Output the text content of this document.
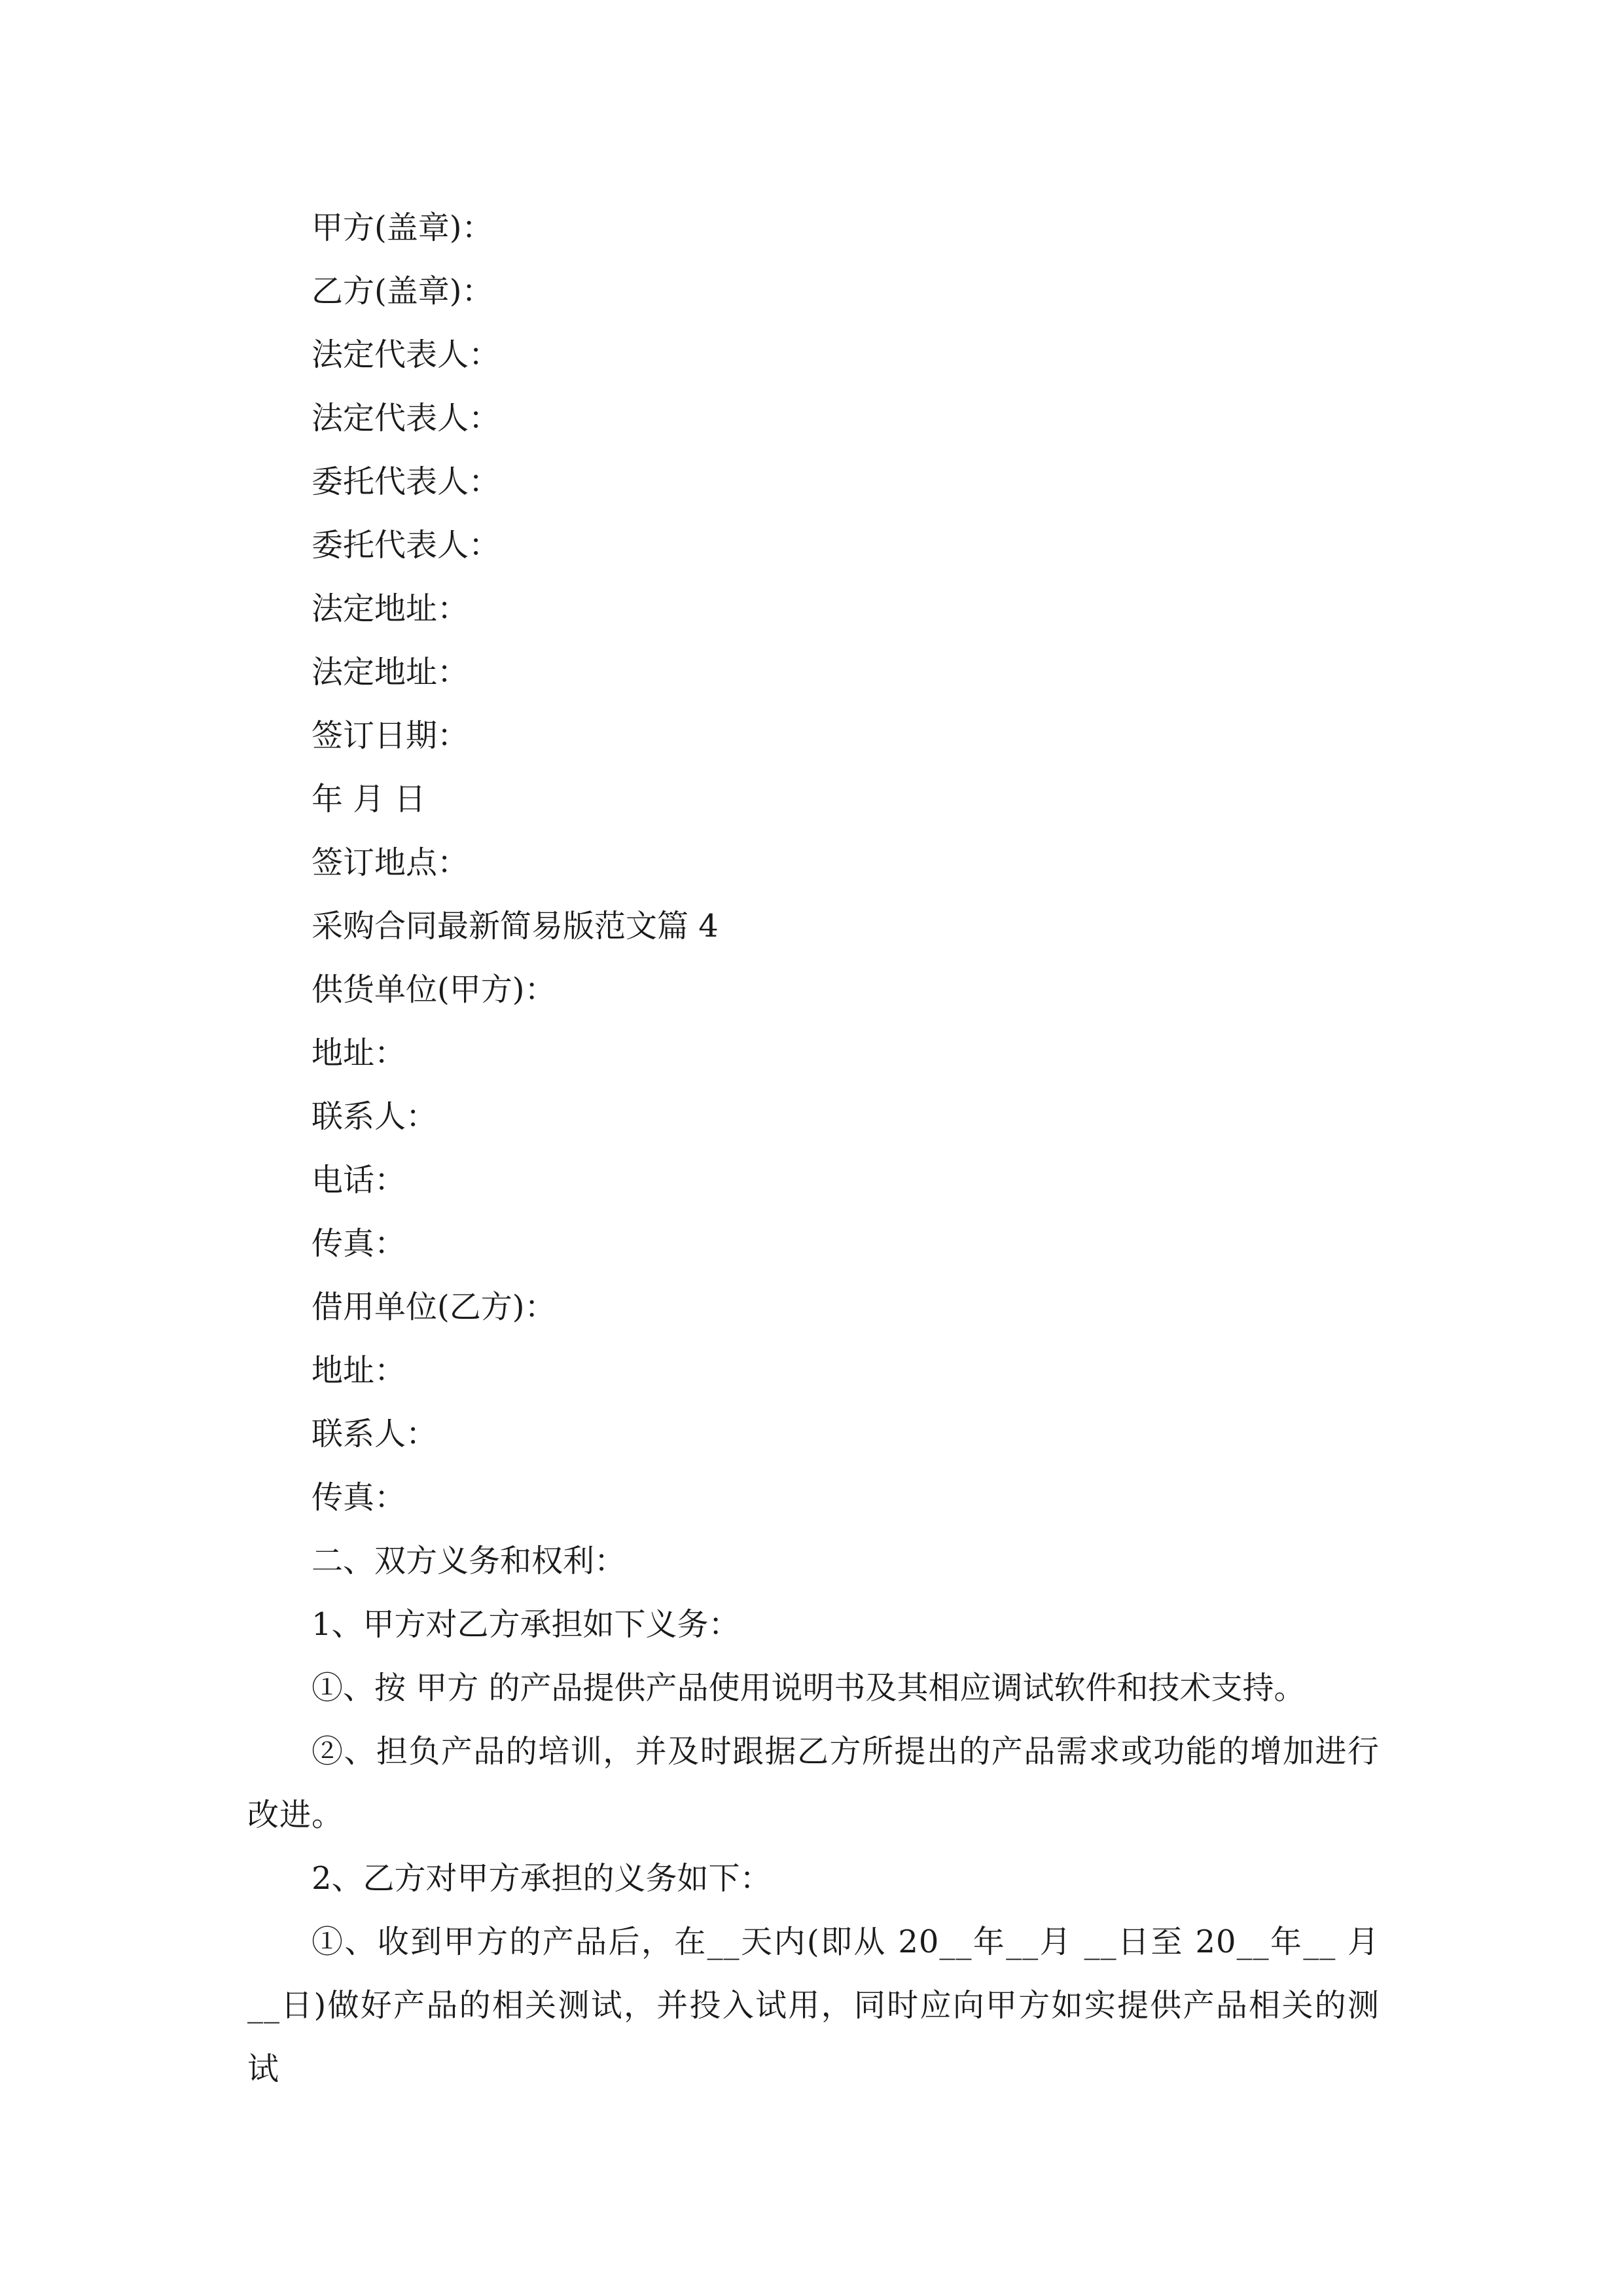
甲方(盖章)：
乙方(盖章)：
法定代表人：
法定代表人：
委托代表人：
委托代表人：
法定地址：
法定地址：
签订日期：
年 月 日
签订地点：
采购合同最新简易版范文篇 4
供货单位(甲方)：
地址：
联系人：
电话：
传真：
借用单位(乙方)：
地址：
联系人：
传真：
二、双方义务和权利：
1、甲方对乙方承担如下义务：
①、按 甲方 的产品提供产品使用说明书及其相应调试软件和技术支持。
②、担负产品的培训，并及时跟据乙方所提出的产品需求或功能的增加进行改进。
2、乙方对甲方承担的义务如下：
①、收到甲方的产品后，在__天内(即从 20__年__月 __日至 20__年__ 月__日)做好产品的相关测试，并投入试用，同时应向甲方如实提供产品相关的测试
